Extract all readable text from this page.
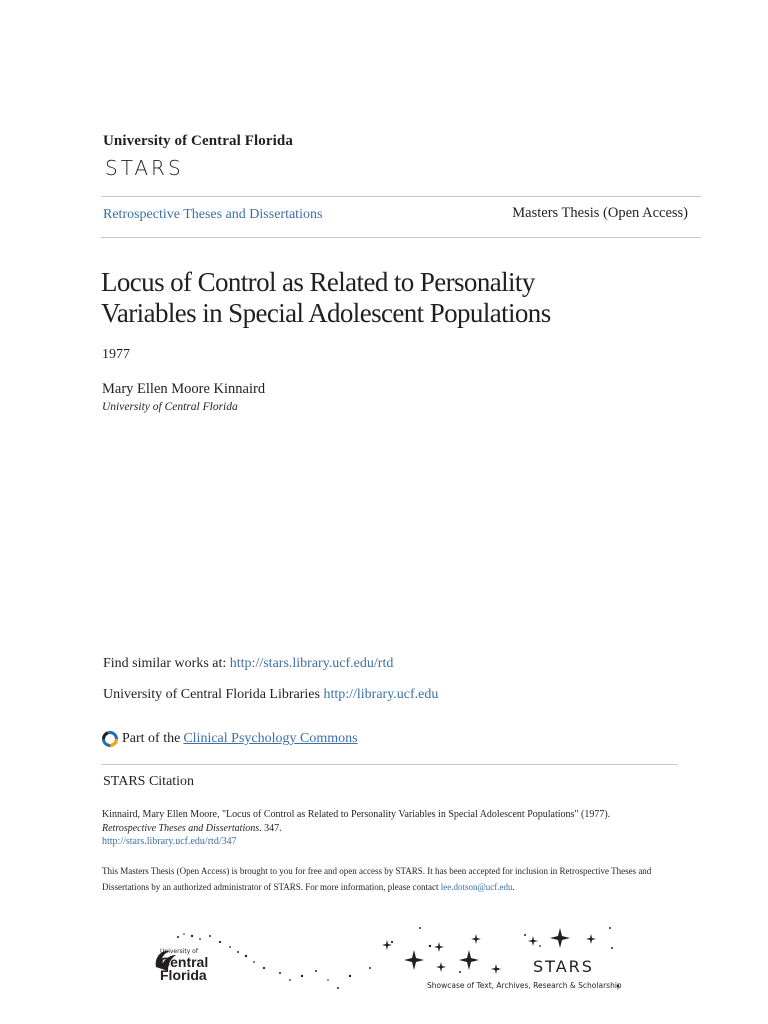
University of Central Florida
STARS
Retrospective Theses and Dissertations	Masters Thesis (Open Access)
Locus of Control as Related to Personality
Variables in Special Adolescent Populations
1977
Mary Ellen Moore Kinnaird
University of Central Florida
Find similar works at: http://stars.library.ucf.edu/rtd
University of Central Florida Libraries http://library.ucf.edu
Part of the Clinical Psychology Commons
STARS Citation
Kinnaird, Mary Ellen Moore, "Locus of Control as Related to Personality Variables in Special Adolescent Populations" (1977).
Retrospective Theses and Dissertations. 347.
http://stars.library.ucf.edu/rtd/347
This Masters Thesis (Open Access) is brought to you for free and open access by STARS. It has been accepted for inclusion in Retrospective Theses and Dissertations by an authorized administrator of STARS. For more information, please contact lee.dotson@ucf.edu.
University of
Central
Florida	STARS
Showcase of Text, Archives, Research & Scholarship
